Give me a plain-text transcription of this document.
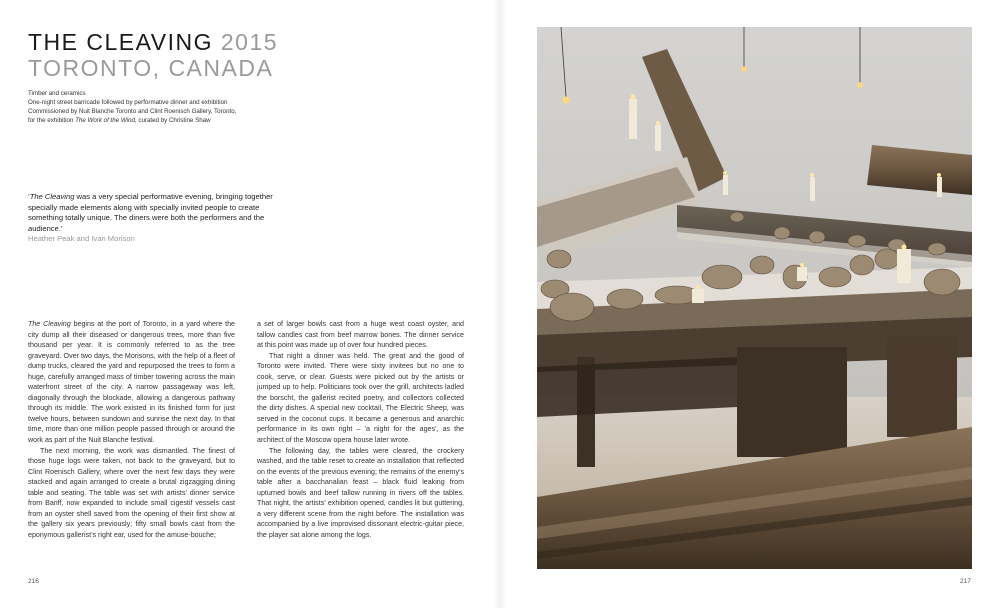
THE CLEAVING 2015
TORONTO, CANADA
Timber and ceramics
One-night street barricade followed by performative dinner and exhibition
Commissioned by Nuit Blanche Toronto and Clint Roenisch Gallery, Toronto,
for the exhibition The Work of the Wind, curated by Christine Shaw
‘The Cleaving was a very special performative evening, bringing together specially made elements along with specially invited people to create something totally unique. The diners were both the performers and the audience.’
Heather Peak and Ivan Morison

The Cleaving begins at the port of Toronto, in a yard where the city dump all their diseased or dangerous trees, more than five thousand per year. It is commonly referred to as the tree graveyard. Over two days, the Morisons, with the help of a fleet of dump trucks, cleared the yard and repurposed the trees to form a huge, carefully arranged mass of timber towering across the main waterfront street of the city. A narrow passageway was left, diagonally through the blockade, allowing a dangerous pathway through its middle. The work existed in its finished form for just twelve hours, between sundown and sunrise the next day. In that time, more than one million people passed through or around the work as part of the Nuit Blanche festival.

The next morning, the work was dismantled. The finest of those huge logs were taken, not back to the graveyard, but to Clint Roenisch Gallery, where over the next few days they were stacked and again arranged to create a brutal zigzagging dining table and seating. The table was set with artists’ dinner service from Banff, now expanded to include small cigestif vessels cast from an oyster shell saved from the opening of their first show at the gallery six years previously; fifty small bowls cast from the eponymous gallerist’s right ear, used for the amuse-bouche;

a set of larger bowls cast from a huge west coast oyster, and tallow candles cast from beef marrow bones. The dinner service at this point was made up of over four hundred pieces.

That night a dinner was held. The great and the good of Toronto were invited. There were sixty invitees but no one to cook, serve, or clear. Guests were picked out by the artists or jumped up to help. Politicians took over the grill, architects ladled the borscht, the gallerist recited poetry, and collectors collected the dirty dishes. A special new cocktail, The Electric Sheep, was served in the coconut cups. It became a generous and anarchic performance in its own right – ‘a night for the ages’, as the architect of the Moscow opera house later wrote.

The following day, the tables were cleared, the crockery washed, and the table reset to create an installation that reflected on the events of the previous evening; the remains of the enemy’s table after a bacchanalian feast – black fluid leaking from upturned bowls and beef tallow running in rivers off the tables. That night, the artists’ exhibition opened, candles lit but guttering, a very different scene from the night before. The installation was accompanied by a live improvised dissonant electric-guitar piece, the player sat alone among the logs.

216	217
